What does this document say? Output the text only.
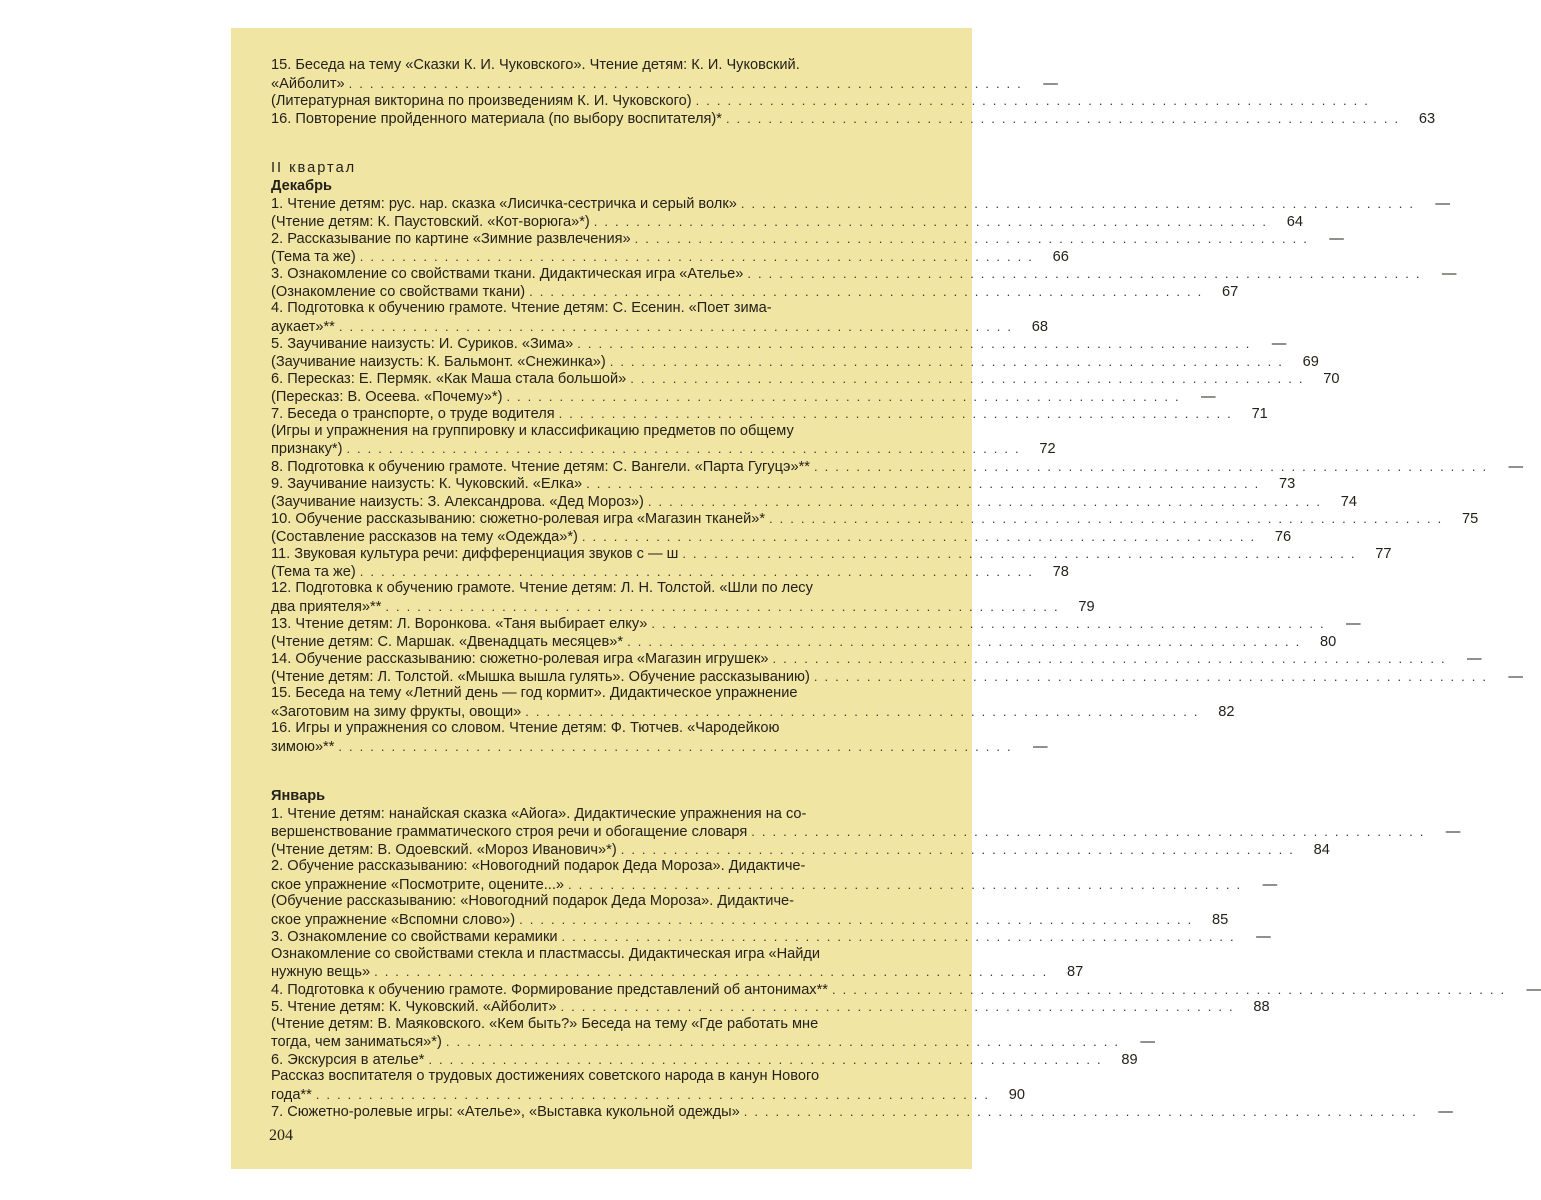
15. Беседа на тему «Сказки К. И. Чуковского». Чтение детям: К. И. Чуковский.
«Айболит» ................................................................	—
(Литературная викторина по произведениям К. И. Чуковского) ................................................................
16. Повторение пройденного материала (по выбору воспитателя)* ................................................................ 63
II квартал
Декабрь
1. Чтение детям: рус. нар. сказка «Лисичка-сестричка и серый волк» ................................................................	—
(Чтение детям: К. Паустовский. «Кот-ворюга»*) ................................................................ 64
2. Рассказывание по картине «Зимние развлечения» ................................................................	—
(Тема та же) ................................................................ 66
3. Ознакомление со свойствами ткани. Дидактическая игра «Ателье» ................................................................	—
(Ознакомление со свойствами ткани) ................................................................ 67
4. Подготовка к обучению грамоте. Чтение детям: С. Есенин. «Поет зима-
аукает»** ................................................................ 68
5. Заучивание наизусть: И. Суриков. «Зима» ................................................................	—
(Заучивание наизусть: К. Бальмонт. «Снежинка») ................................................................ 69
6. Пересказ: Е. Пермяк. «Как Маша стала большой» ................................................................ 70
(Пересказ: В. Осеева. «Почему»*) ................................................................	—
7. Беседа о транспорте, о труде водителя ................................................................ 71
(Игры и упражнения на группировку и классификацию предметов по общему
признаку*) ................................................................ 72
8. Подготовка к обучению грамоте. Чтение детям: С. Вангели. «Парта Гугуцэ»** ................................................................	—
9. Заучивание наизусть: К. Чуковский. «Елка» ................................................................ 73
(Заучивание наизусть: З. Александрова. «Дед Мороз») ................................................................ 74
10. Обучение рассказыванию: сюжетно-ролевая игра «Магазин тканей»* ................................................................ 75
(Составление рассказов на тему «Одежда»*) ................................................................ 76
11. Звуковая культура речи: дифференциация звуков с — ш ................................................................ 77
(Тема та же) ................................................................ 78
12. Подготовка к обучению грамоте. Чтение детям: Л. Н. Толстой. «Шли по лесу
два приятеля»** ................................................................ 79
13. Чтение детям: Л. Воронкова. «Таня выбирает елку» ................................................................	—
(Чтение детям: С. Маршак. «Двенадцать месяцев»* ................................................................ 80
14. Обучение рассказыванию: сюжетно-ролевая игра «Магазин игрушек» ................................................................	—
(Чтение детям: Л. Толстой. «Мышка вышла гулять». Обучение рассказыванию) ................................................................	—
15. Беседа на тему «Летний день — год кормит». Дидактическое упражнение
«Заготовим на зиму фрукты, овощи» ................................................................ 82
16. Игры и упражнения со словом. Чтение детям: Ф. Тютчев. «Чародейкою
зимою»** ................................................................	—
Январь
1. Чтение детям: нанайская сказка «Айога». Дидактические упражнения на со-
вершенствование грамматического строя речи и обогащение словаря ................................................................	—
(Чтение детям: В. Одоевский. «Мороз Иванович»*) ................................................................ 84
2. Обучение рассказыванию: «Новогодний подарок Деда Мороза». Дидактиче-
ское упражнение «Посмотрите, оцените...» ................................................................	—
(Обучение рассказыванию: «Новогодний подарок Деда Мороза». Дидактиче-
ское упражнение «Вспомни слово») ................................................................ 85
3. Ознакомление со свойствами керамики ................................................................	—
Ознакомление со свойствами стекла и пластмассы. Дидактическая игра «Найди
нужную вещь» ................................................................ 87
4. Подготовка к обучению грамоте. Формирование представлений об антонимах** ................................................................	—
5. Чтение детям: К. Чуковский. «Айболит» ................................................................ 88
(Чтение детям: В. Маяковского. «Кем быть?» Беседа на тему «Где работать мне
тогда, чем заниматься»*) ................................................................	—
6. Экскурсия в ателье* ................................................................ 89
Рассказ воспитателя о трудовых достижениях советского народа в канун Нового
года** ................................................................ 90
7. Сюжетно-ролевые игры: «Ателье», «Выставка кукольной одежды» ................................................................	—
204
